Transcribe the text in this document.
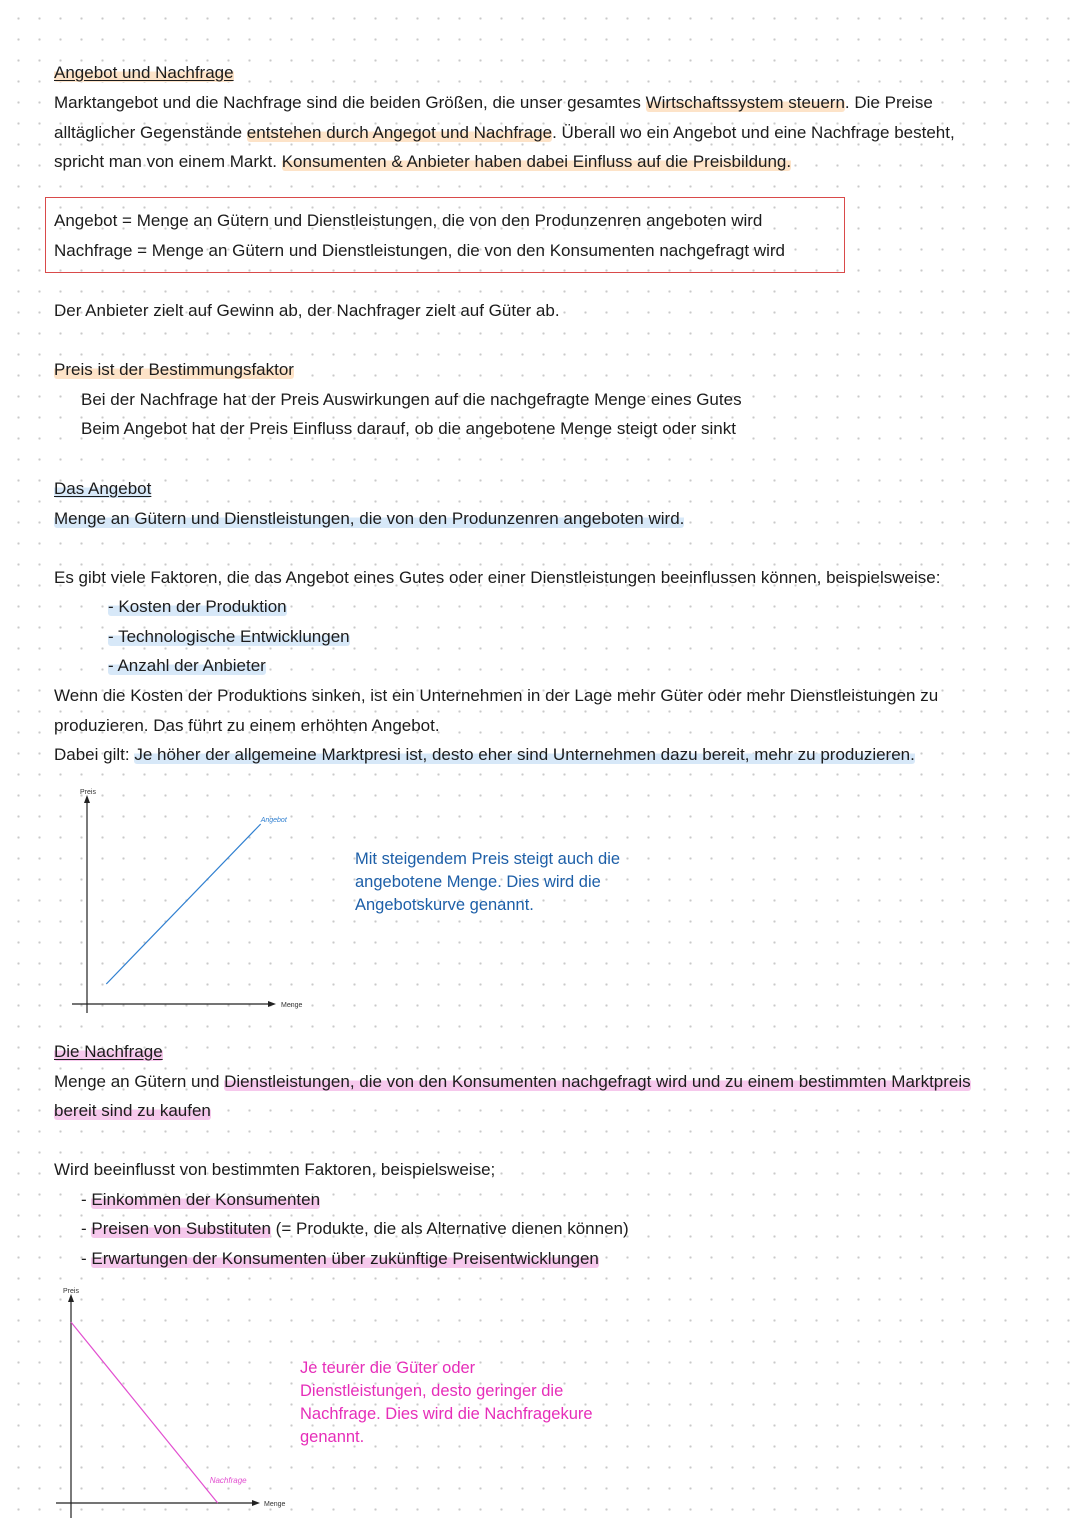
Angebot und Nachfrage
Marktangebot und die Nachfrage sind die beiden Größen, die unser gesamtes Wirtschaftssystem steuern. Die Preise
alltäglicher Gegenstände entstehen durch Angegot und Nachfrage. Überall wo ein Angebot und eine Nachfrage besteht,
spricht man von einem Markt. Konsumenten & Anbieter haben dabei Einfluss auf die Preisbildung.
Angebot = Menge an Gütern und Dienstleistungen, die von den Produnzenren angeboten wird
Nachfrage = Menge an Gütern und Dienstleistungen, die von den Konsumenten nachgefragt wird
Der Anbieter zielt auf Gewinn ab, der Nachfrager zielt auf Güter ab.
Preis ist der Bestimmungsfaktor
Bei der Nachfrage hat der Preis Auswirkungen auf die nachgefragte Menge eines Gutes
Beim Angebot hat der Preis Einfluss darauf, ob die angebotene Menge steigt oder sinkt
Das Angebot
Menge an Gütern und Dienstleistungen, die von den Produnzenren angeboten wird.
Es gibt viele Faktoren, die das Angebot eines Gutes oder einer Dienstleistungen beeinflussen können, beispielsweise:
- Kosten der Produktion
- Technologische Entwicklungen
- Anzahl der Anbieter
Wenn die Kosten der Produktions sinken, ist ein Unternehmen in der Lage mehr Güter oder mehr Dienstleistungen zu
produzieren. Das führt zu einem erhöhten Angebot.
Dabei gilt: Je höher der allgemeine Marktpresi ist, desto eher sind Unternehmen dazu bereit, mehr zu produzieren.
Preis
Menge
Angebot
Mit steigendem Preis steigt auch die angebotene Menge. Dies wird die Angebotskurve genannt.
Die Nachfrage
Menge an Gütern und Dienstleistungen, die von den Konsumenten nachgefragt wird und zu einem bestimmten Marktpreis
bereit sind zu kaufen
Wird beeinflusst von bestimmten Faktoren, beispielsweise;
- Einkommen der Konsumenten
- Preisen von Substituten (= Produkte, die als Alternative dienen können)
- Erwartungen der Konsumenten über zukünftige Preisentwicklungen
Preis
Menge
Nachfrage
Je teurer die Güter oder Dienstleistungen, desto geringer die Nachfrage. Dies wird die Nachfragekure genannt.
